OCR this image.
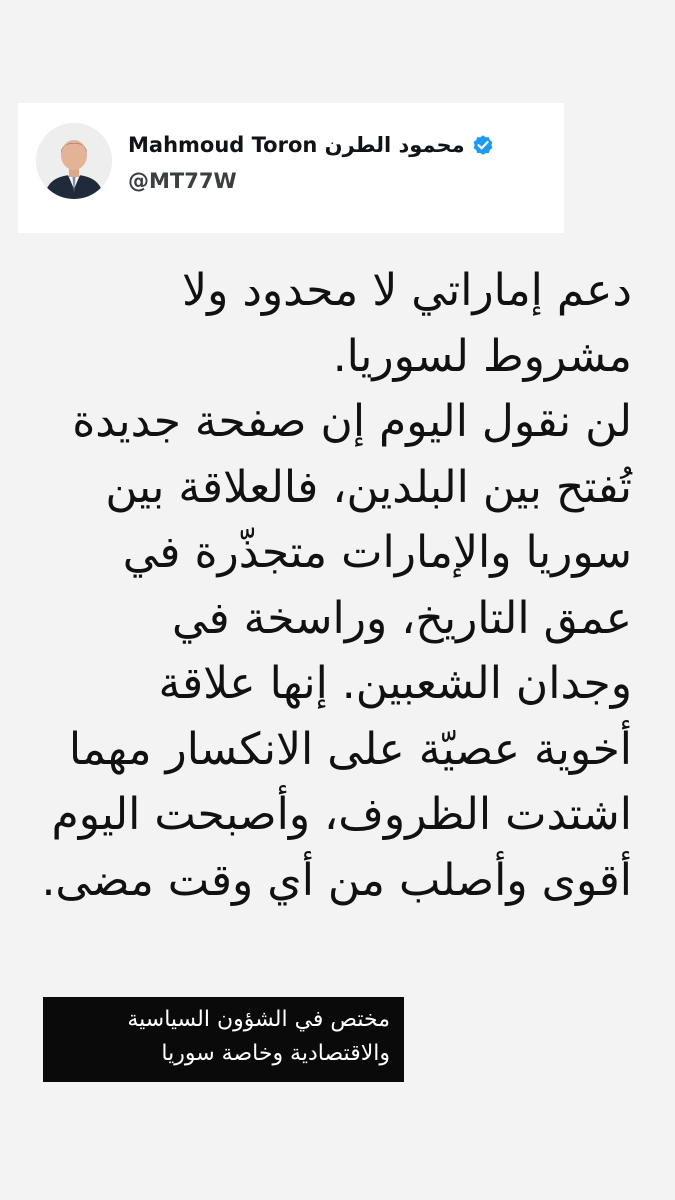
Mahmoud Toron محمود الطرن
@MT77W

دعم إماراتي لا محدود ولا
مشروط لسوريا.
لن نقول اليوم إن صفحة جديدة
تُفتح بين البلدين، فالعلاقة بين
سوريا والإمارات متجذّرة في
عمق التاريخ، وراسخة في
وجدان الشعبين. إنها علاقة
أخوية عصيّة على الانكسار مهما
اشتدت الظروف، وأصبحت اليوم
أقوى وأصلب من أي وقت مضى.

مختص في الشؤون السياسية
والاقتصادية وخاصة سوريا
